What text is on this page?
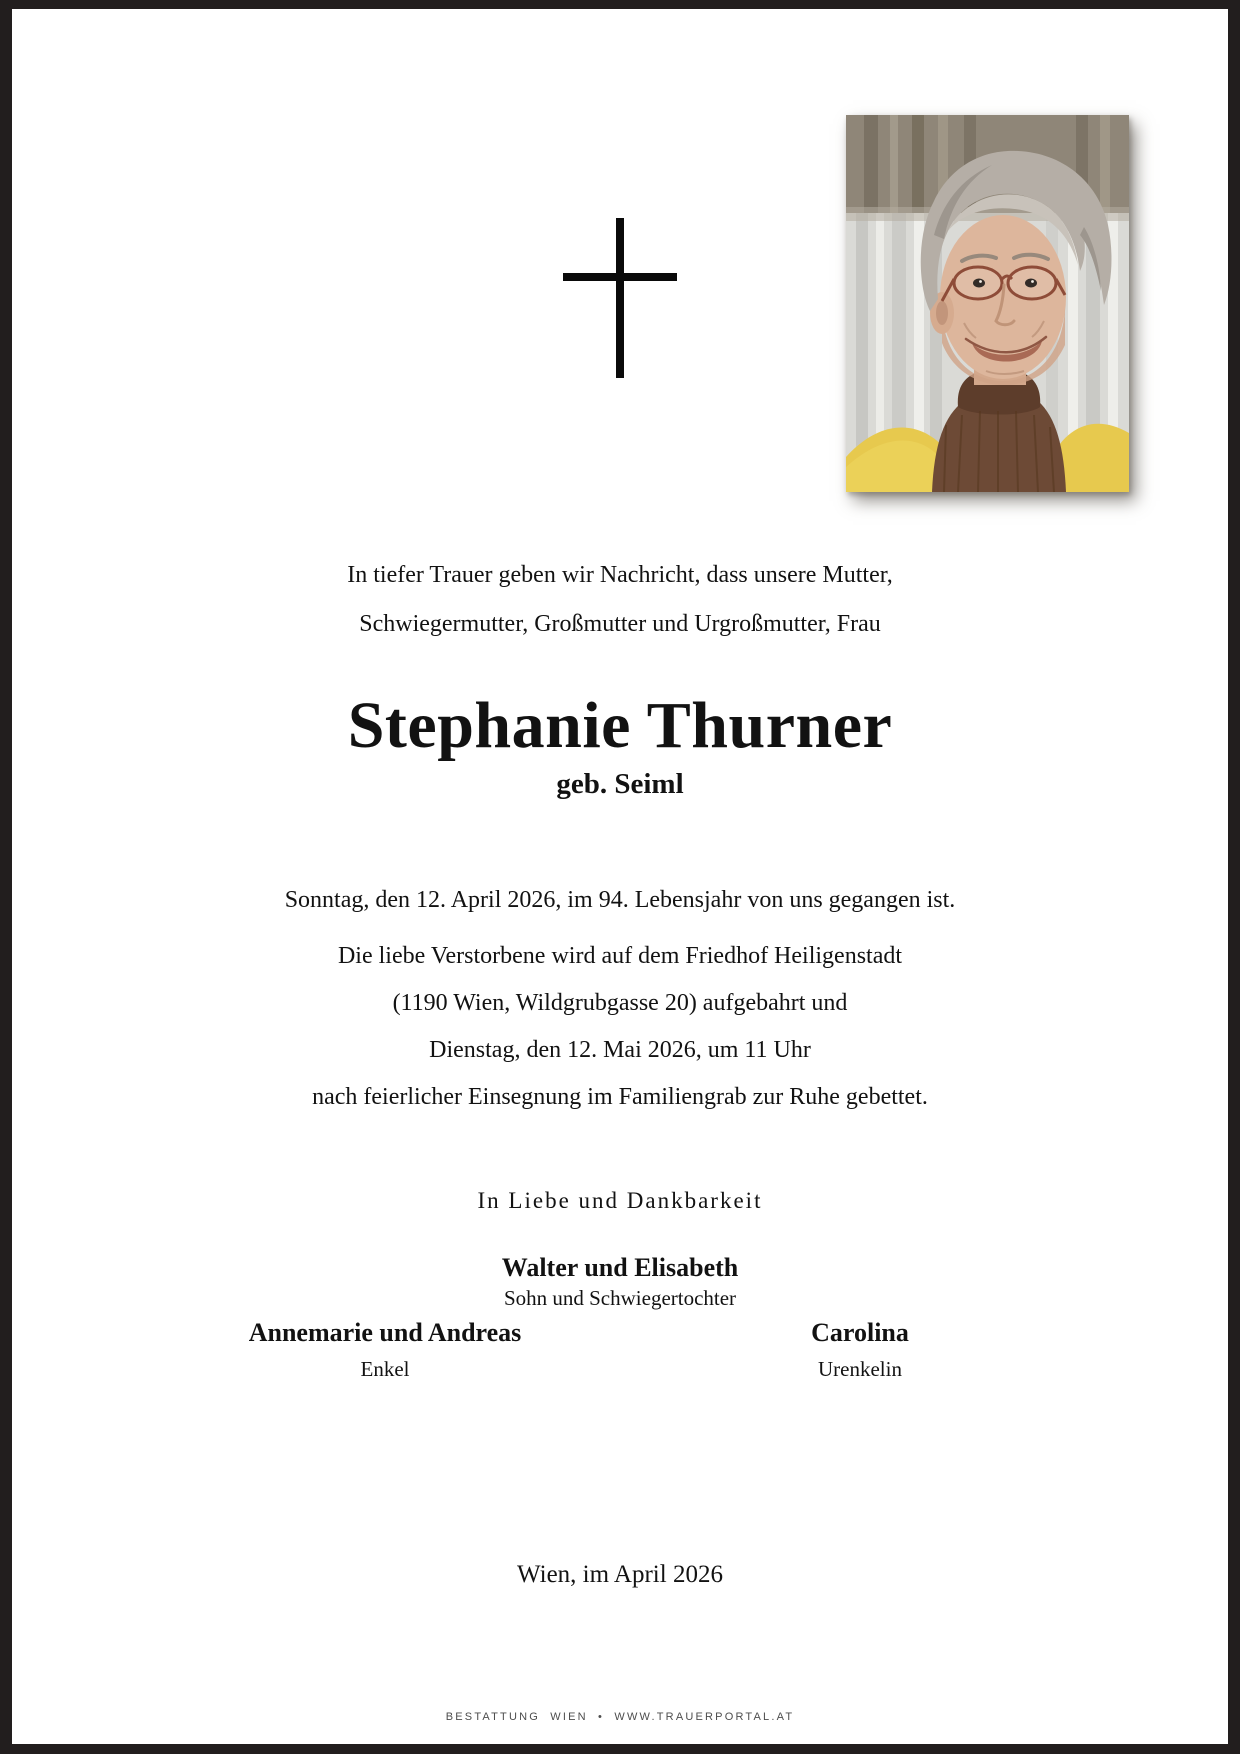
In tiefer Trauer geben wir Nachricht, dass unsere Mutter,
Schwiegermutter, Großmutter und Urgroßmutter, Frau
Stephanie Thurner
geb. Seiml
Sonntag, den 12. April 2026, im 94. Lebensjahr von uns gegangen ist.
Die liebe Verstorbene wird auf dem Friedhof Heiligenstadt
(1190 Wien, Wildgrubgasse 20) aufgebahrt und
Dienstag, den 12. Mai 2026, um 11 Uhr
nach feierlicher Einsegnung im Familiengrab zur Ruhe gebettet.
In Liebe und Dankbarkeit
Walter und Elisabeth
Sohn und Schwiegertochter
Annemarie und Andreas
Enkel
Carolina
Urenkelin
Wien, im April 2026
BESTATTUNG WIEN • WWW.TRAUERPORTAL.AT
